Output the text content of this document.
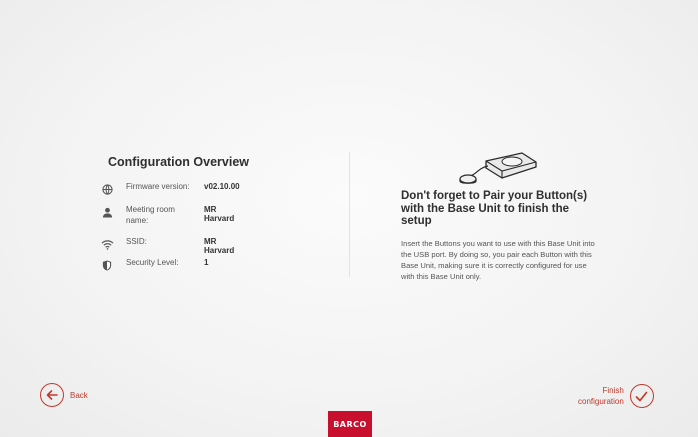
Configuration Overview
Firmware version:	v02.10.00
Meeting room name:
MR Harvard
SSID:	MR Harvard
Security Level:	1
Don't forget to Pair your Button(s) with the Base Unit to finish the setup
Insert the Buttons you want to use with this Base Unit into the USB port. By doing so, you pair each Button with this Base Unit, making sure it is correctly configured for use with this Base Unit only.
Back	Finish
configuration
BARCO
